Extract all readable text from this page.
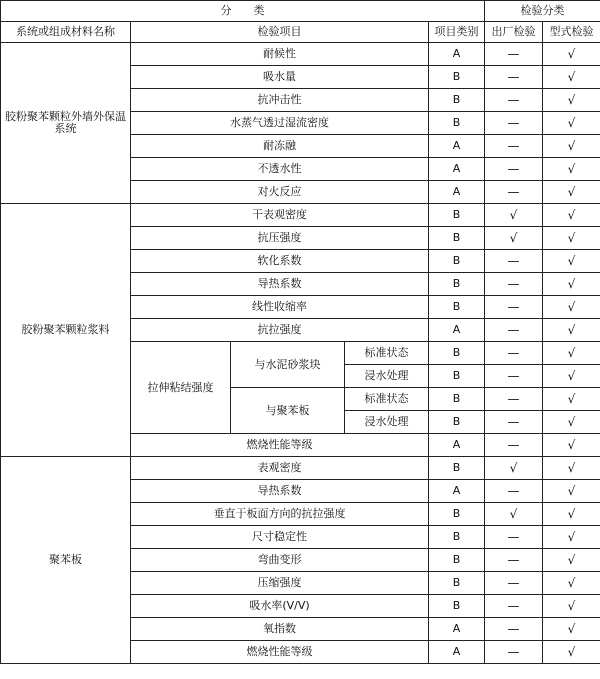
分　　类					检验分类	
系统或组成材料名称	检验项目			项目类别	出厂检验	型式检验
胶粉聚苯颗粒外墙外保温系统	耐候性			A	—	√
	吸水量			B	—	√
	抗冲击性			B	—	√
	水蒸气透过湿流密度			B	—	√
	耐冻融			A	—	√
	不透水性			A	—	√
	对火反应			A	—	√
胶粉聚苯颗粒浆料	干表观密度			B	√	√
	抗压强度			B	√	√
	软化系数			B	—	√
	导热系数			B	—	√
	线性收缩率			B	—	√
	抗拉强度			A	—	√
	拉伸粘结强度	与水泥砂浆块	标准状态	B	—	√
			浸水处理	B	—	√
		与聚苯板	标准状态	B	—	√
			浸水处理	B	—	√
	燃烧性能等级			A	—	√
聚苯板	表观密度			B	√	√
	导热系数			A	—	√
	垂直于板面方向的抗拉强度			B	√	√
	尺寸稳定性			B	—	√
	弯曲变形			B	—	√
	压缩强度			B	—	√
	吸水率(V/V)			B	—	√
	氧指数			A	—	√
	燃烧性能等级			A	—	√
